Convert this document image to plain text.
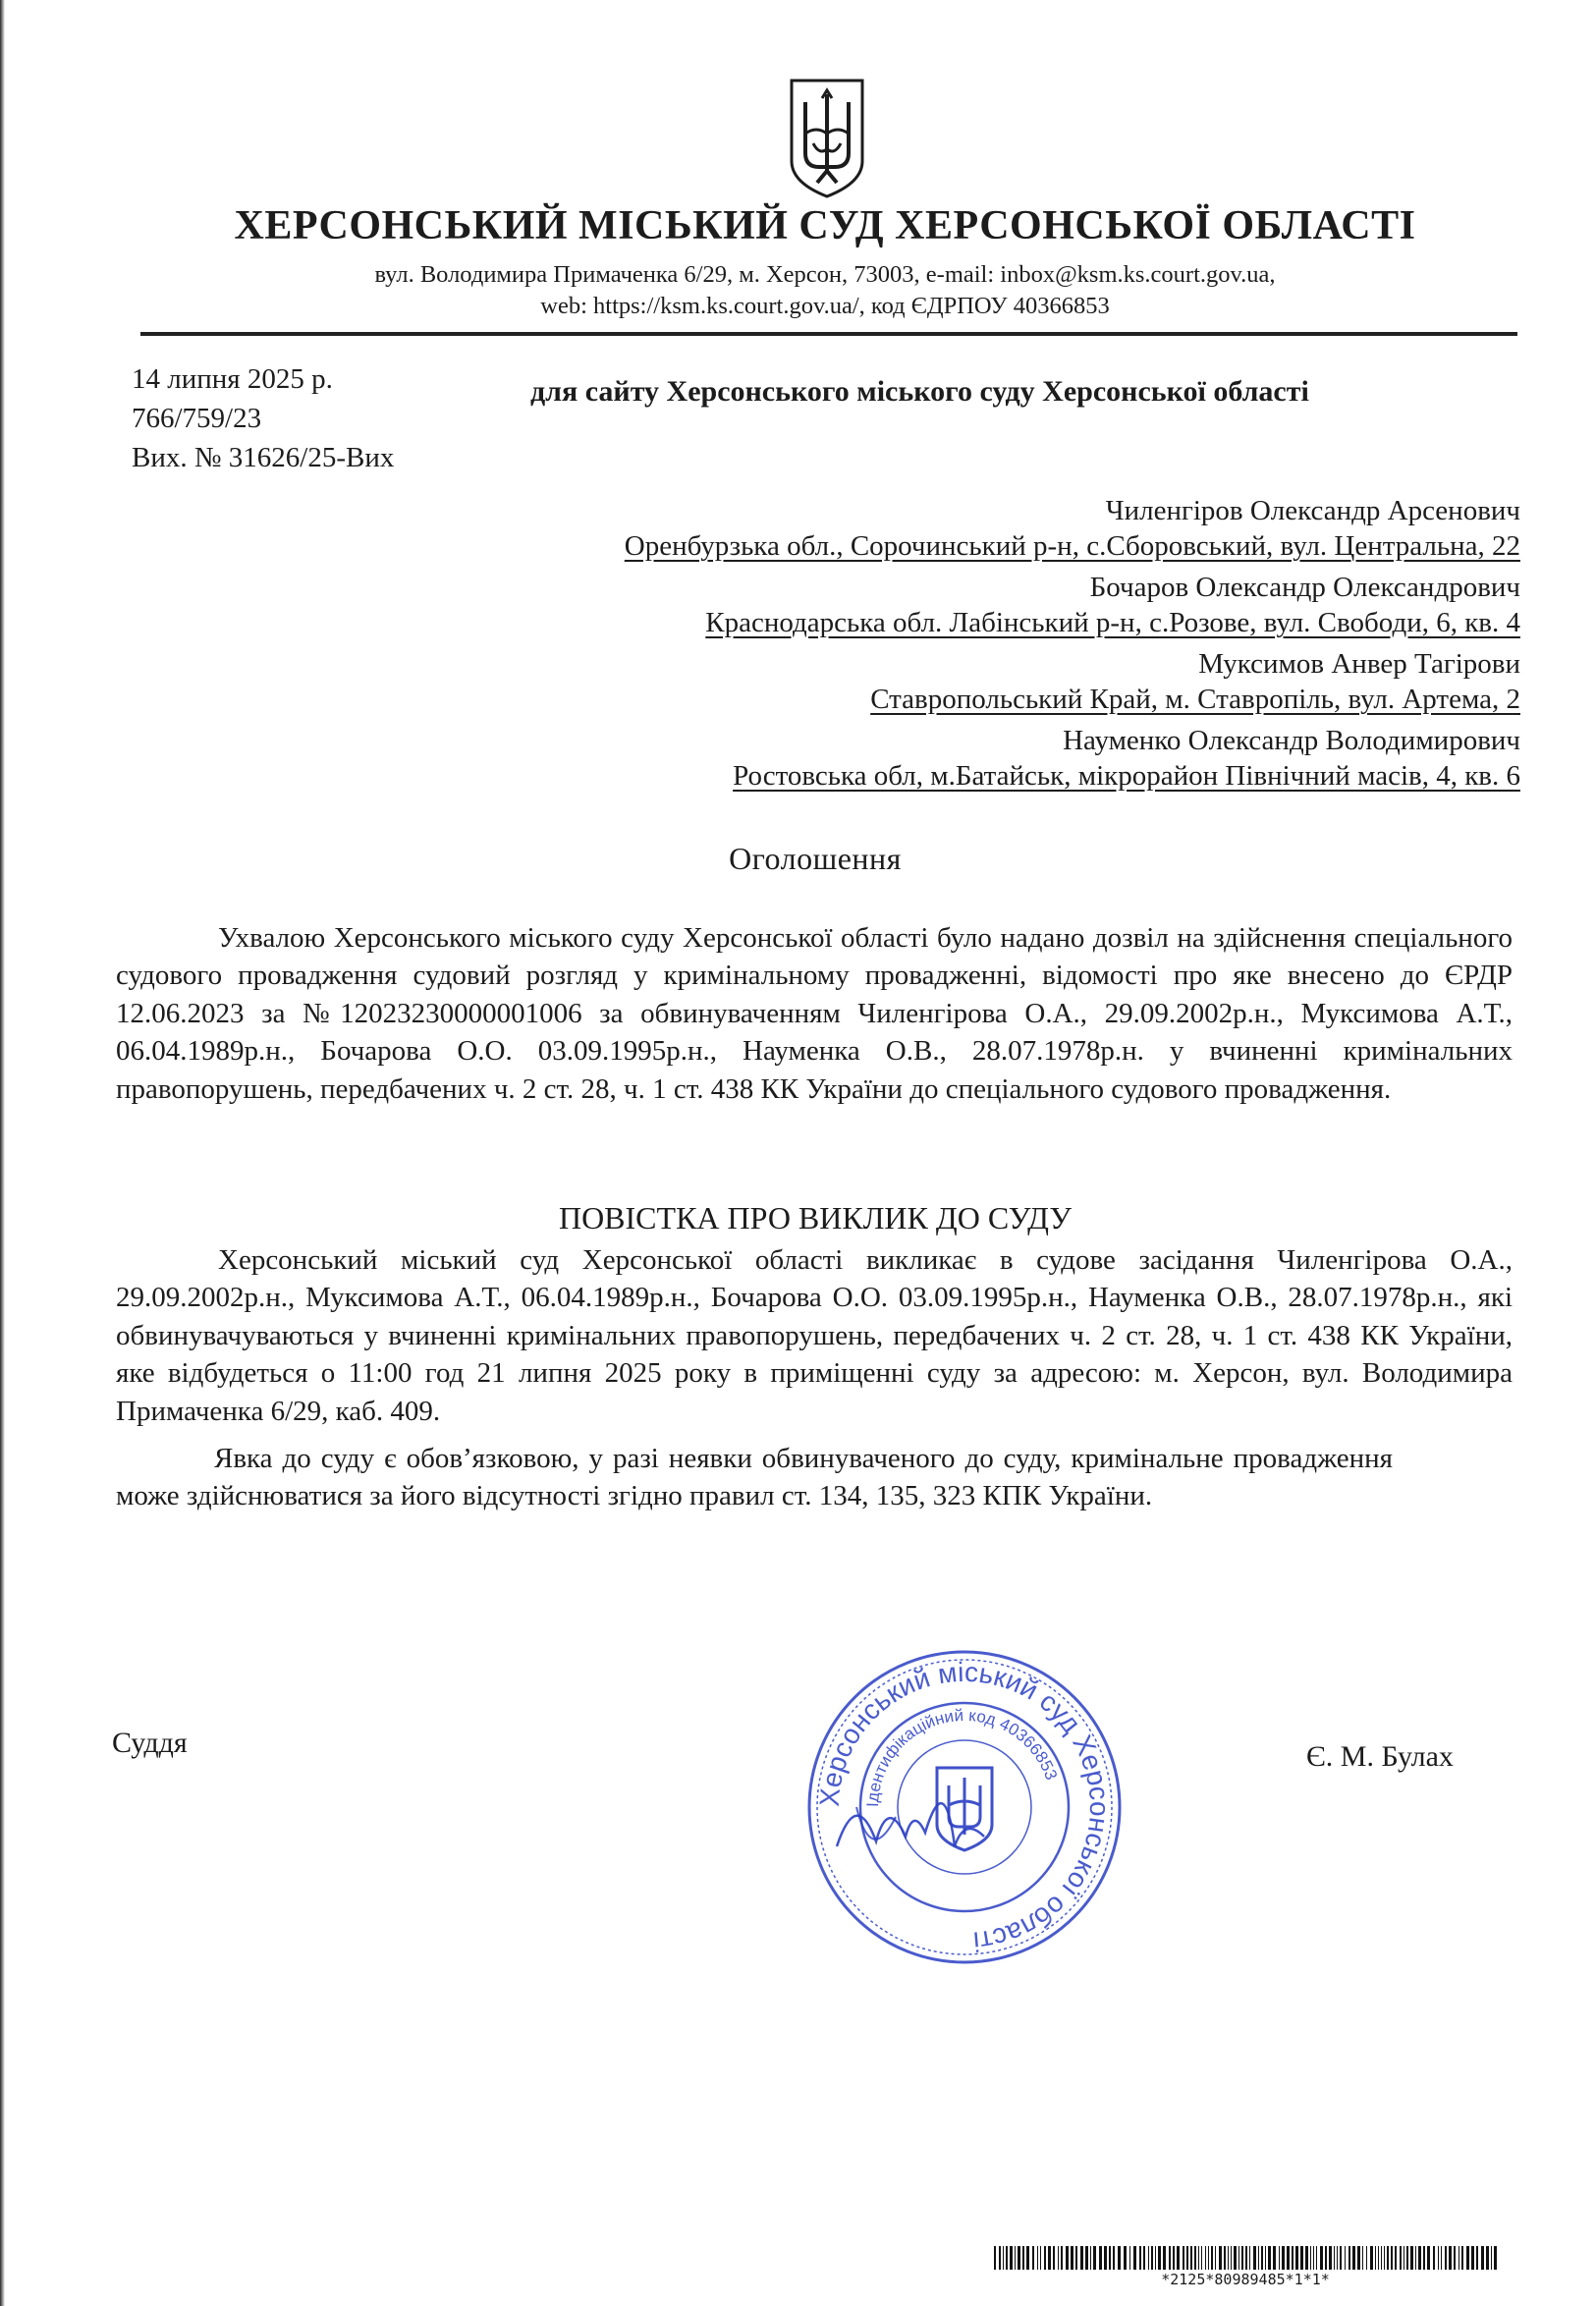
ХЕРСОНСЬКИЙ МІСЬКИЙ СУД ХЕРСОНСЬКОЇ ОБЛАСТІ
вул. Володимира Примаченка 6/29, м. Херсон, 73003, e-mail: inbox@ksm.ks.court.gov.ua,
web: https://ksm.ks.court.gov.ua/, код ЄДРПОУ 40366853
14 липня 2025 р.
766/759/23
Вих. № 31626/25-Вих
для сайту Херсонського міського суду Херсонської області
Чиленгіров Олександр Арсенович
Оренбурзька обл., Сорочинський р-н, с.Сборовський, вул. Центральна, 22
Бочаров Олександр Олександрович
Краснодарська обл. Лабінський р-н, с.Розове, вул. Свободи, 6, кв. 4
Муксимов Анвер Тагірови
Ставропольський Край, м. Ставропіль, вул. Артема, 2
Науменко Олександр Володимирович
Ростовська обл, м.Батайськ, мікрорайон Північний масів, 4, кв. 6
Оголошення

Ухвалою Херсонського міського суду Херсонської області було надано дозвіл на здійснення спеціального судового провадження судовий розгляд у кримінальному провадженні, відомості про яке внесено до ЄРДР 12.06.2023 за №12023230000001006 за обвинуваченням Чиленгірова О.А., 29.09.2002р.н., Муксимова А.Т., 06.04.1989р.н., Бочарова О.О. 03.09.1995р.н., Науменка О.В., 28.07.1978р.н. у вчиненні кримінальних правопорушень, передбачених ч. 2 ст. 28, ч. 1 ст. 438 КК України до спеціального судового провадження.

ПОВІСТКА ПРО ВИКЛИК ДО СУДУ

Херсонський міський суд Херсонської області викликає в судове засідання Чиленгірова О.А., 29.09.2002р.н., Муксимова А.Т., 06.04.1989р.н., Бочарова О.О. 03.09.1995р.н., Науменка О.В., 28.07.1978р.н., які обвинувачуваються у вчиненні кримінальних правопорушень, передбачених ч. 2 ст. 28, ч. 1 ст. 438 КК України, яке відбудеться о 11:00 год 21 липня 2025 року в приміщенні суду за адресою: м. Херсон, вул. Володимира Примаченка 6/29, каб. 409.

Явка до суду є обов’язковою, у разі неявки обвинуваченого до суду, кримінальне провадження може здійснюватися за його відсутності згідно правил ст. 134, 135, 323 КПК України.

Суддя	Є. М. Булах
Херсонський міський суд Херсонської області
Ідентифікаційний код 40366853
*2125*80989485*1*1*
